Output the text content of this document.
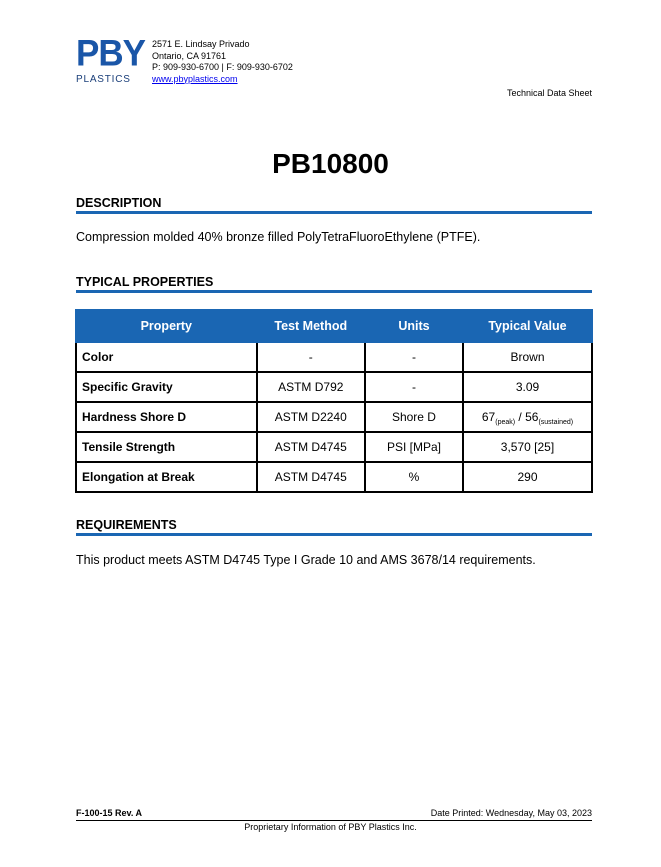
PBY
PLASTICS
2571 E. Lindsay Privado
Ontario, CA 91761
P: 909-930-6700 | F: 909-930-6702
www.pbyplastics.com
Technical Data Sheet
PB10800
DESCRIPTION
Compression molded 40% bronze filled PolyTetraFluoroEthylene (PTFE).
TYPICAL PROPERTIES
Property	Test Method	Units	Typical Value
Color	-	-	Brown
Specific Gravity	ASTM D792	-	3.09
Hardness Shore D	ASTM D2240	Shore D	$67_{(peak)} / 56_{(sustained)}$
Tensile Strength	ASTM D4745	PSI [MPa]	3,570 [25]
Elongation at Break	ASTM D4745	%	290
REQUIREMENTS
This product meets ASTM D4745 Type I Grade 10 and AMS 3678/14 requirements.
F-100-15 Rev. A	Date Printed: Wednesday, May 03, 2023
Proprietary Information of PBY Plastics Inc.
